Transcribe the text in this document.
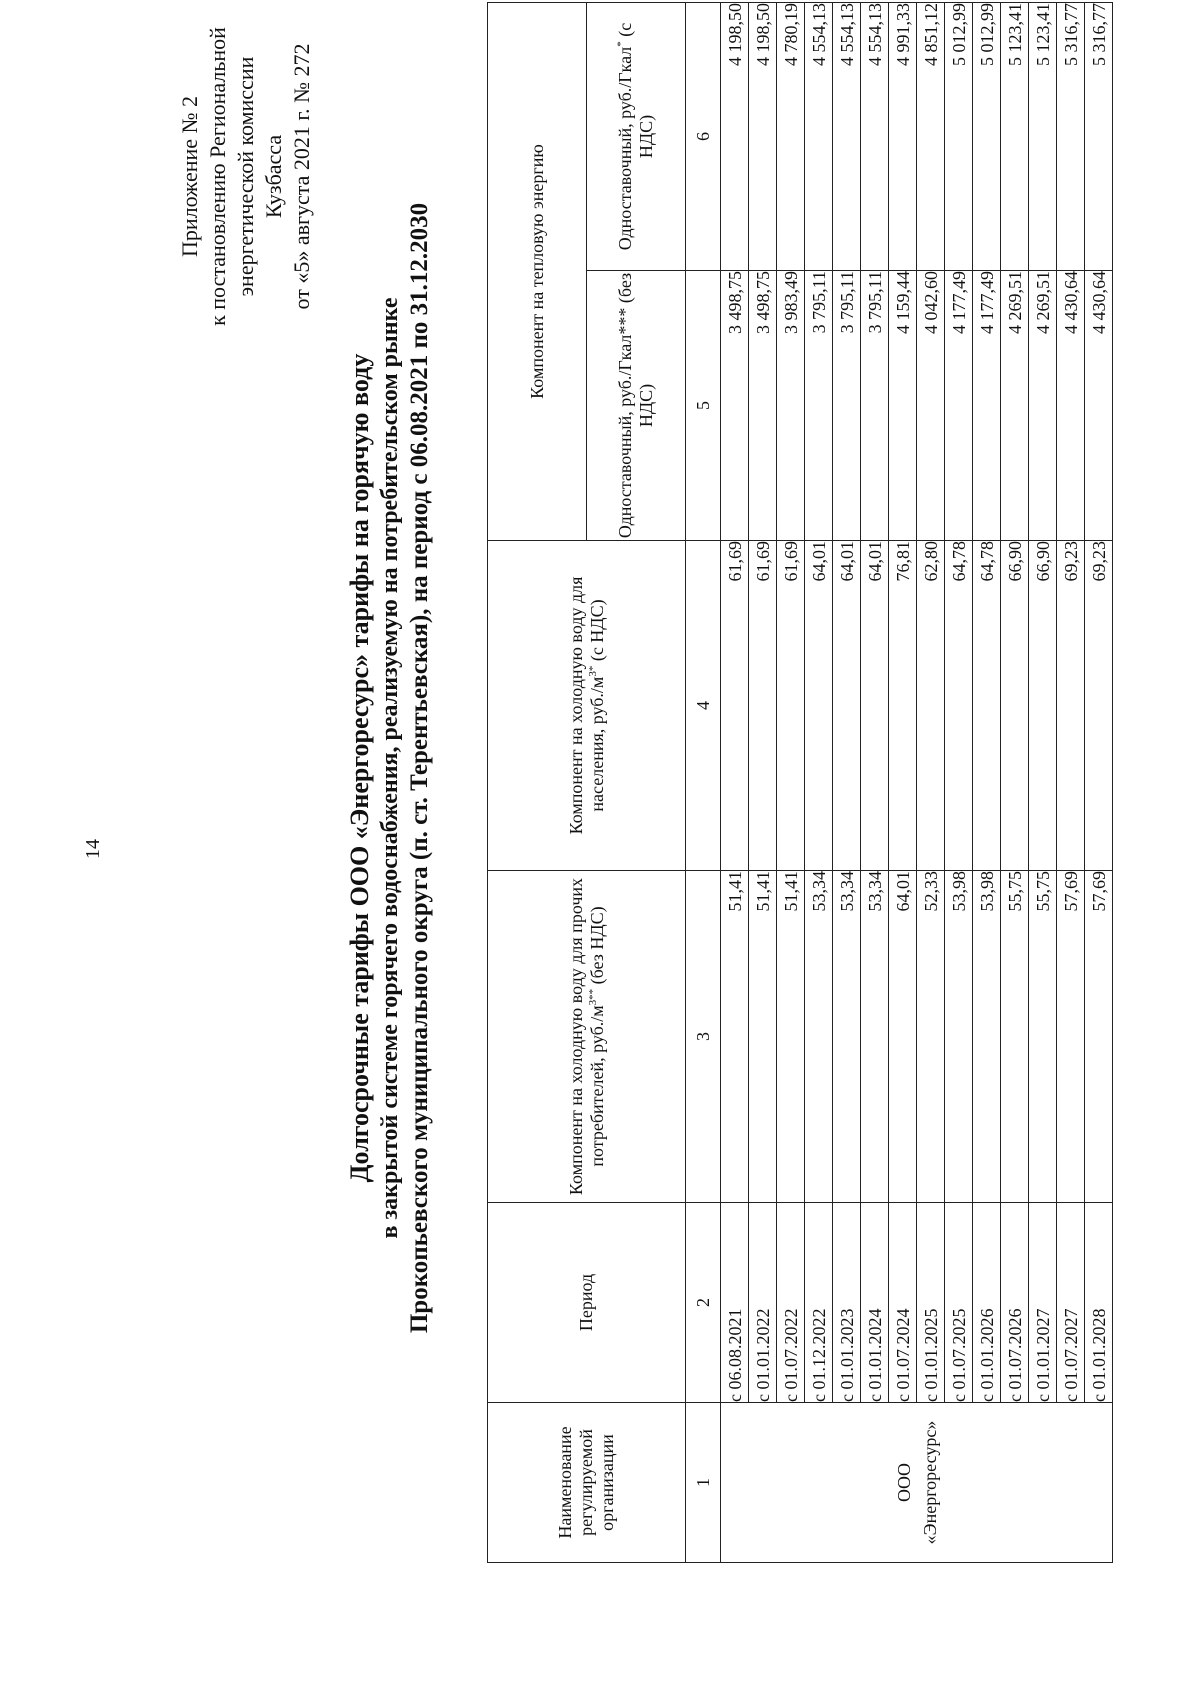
14
Приложение № 2 к постановлению Региональной энергетической комиссии Кузбасса от «5» августа 2021 г. № 272
Долгосрочные тарифы ООО «Энергоресурс» тарифы на горячую воду в закрытой системе горячего водоснабжения, реализуемую на потребительском рынке Прокопьевского муниципального округа (п. ст. Терентьевская), на период с 06.08.2021 по 31.12.2030
Наименование регулируемой организации	Период	Компонент на холодную воду для прочих потребителей, $руб./м^{3**}$ (без НДС)	Компонент на холодную воду для населения, $руб./м^{3*}$ (с НДС)	Компонент на тепловую энергию	
				Одноставочный, руб./Гкал*** (без НДС)	Одноставочный, руб./Гкал* (с НДС)
1	2	3	4	5	6

ООО «Энергоресурс»	с 06.08.2021	51,41	61,69	3 498,75	4 198,50
	с 01.01.2022	51,41	61,69	3 498,75	4 198,50
	с 01.07.2022	51,41	61,69	3 983,49	4 780,19
	с 01.12.2022	53,34	64,01	3 795,11	4 554,13
	с 01.01.2023	53,34	64,01	3 795,11	4 554,13
	с 01.01.2024	53,34	64,01	3 795,11	4 554,13
	с 01.07.2024	64,01	76,81	4 159,44	4 991,33
	с 01.01.2025	52,33	62,80	4 042,60	4 851,12
	с 01.07.2025	53,98	64,78	4 177,49	5 012,99
	с 01.01.2026	53,98	64,78	4 177,49	5 012,99
	с 01.07.2026	55,75	66,90	4 269,51	5 123,41
	с 01.01.2027	55,75	66,90	4 269,51	5 123,41
	с 01.07.2027	57,69	69,23	4 430,64	5 316,77
	с 01.01.2028	57,69	69,23	4 430,64	5 316,77
